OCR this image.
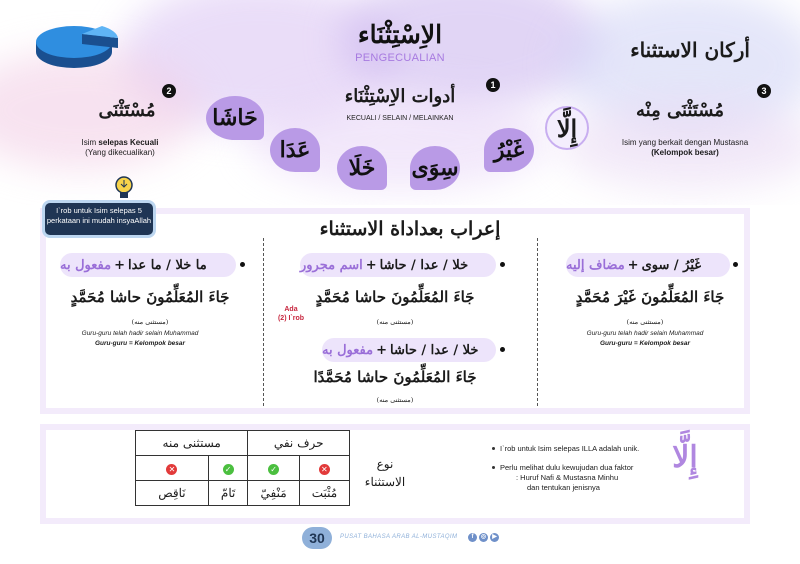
الاِسْتِثْنَاء
PENGECUALIAN	أركان الاستثناء
1
أدوات الاِسْتِثْنَاء
KECUALI / SELAIN / MELAINKAN	إِلَّا
غَيْرُ
سِوَى
خَلَا
عَدَا
حَاشَا
2
مُسْتَثْنَى
Isim selepas Kecuali
(Yang dikecualikan)
3
مُسْتَثْنَى مِنْه
Isim yang berkait dengan Mustasna
(Kelompok besar)
إعراب بعداداة الاستثناء
Ada
(2) I`rob
I`rob untuk Isim selepas 5 perkataan ini mudah insyaAllah
غَيْرُ / سوى
+
مضاف إليه
جَاءَ المُعَلِّمُونَ غَيْرَ مُحَمَّدٍ
(مستثنى منه)
Guru-guru telah hadir selain Muhammad
Guru-guru = Kelompok besar
خلا / عدا / حاشا
+
اسم مجرور
جَاءَ المُعَلِّمُونَ حاشا مُحَمَّدٍ
(مستثنى منه)
خلا / عدا / حاشا
+
مفعول به
جَاءَ المُعَلِّمُونَ حاشا مُحَمَّدًا
(مستثنى منه)
ما خلا / ما عدا
+
مفعول به
جَاءَ المُعَلِّمُونَ حاشا مُحَمَّدٍ
(مستثنى منه)
Guru-guru telah hadir selain Muhammad
Guru-guru = Kelompok besar
مستثنى منه		حرف نفي	
✕	✓	✓	✕
نَاقِص	تَامّ	مَنْفِيّ	مُثْبَت
نوع الاستثناء
I`rob untuk Isim selepas ILLA adalah unik.
Perlu melihat dulu kewujudan dua faktor
: Huruf Nafi & Mustasna Minhu
dan tentukan jenisnya
إِلَّا
30	PUSAT BAHASA ARAB AL-MUSTAQIM	f	◎	▶
